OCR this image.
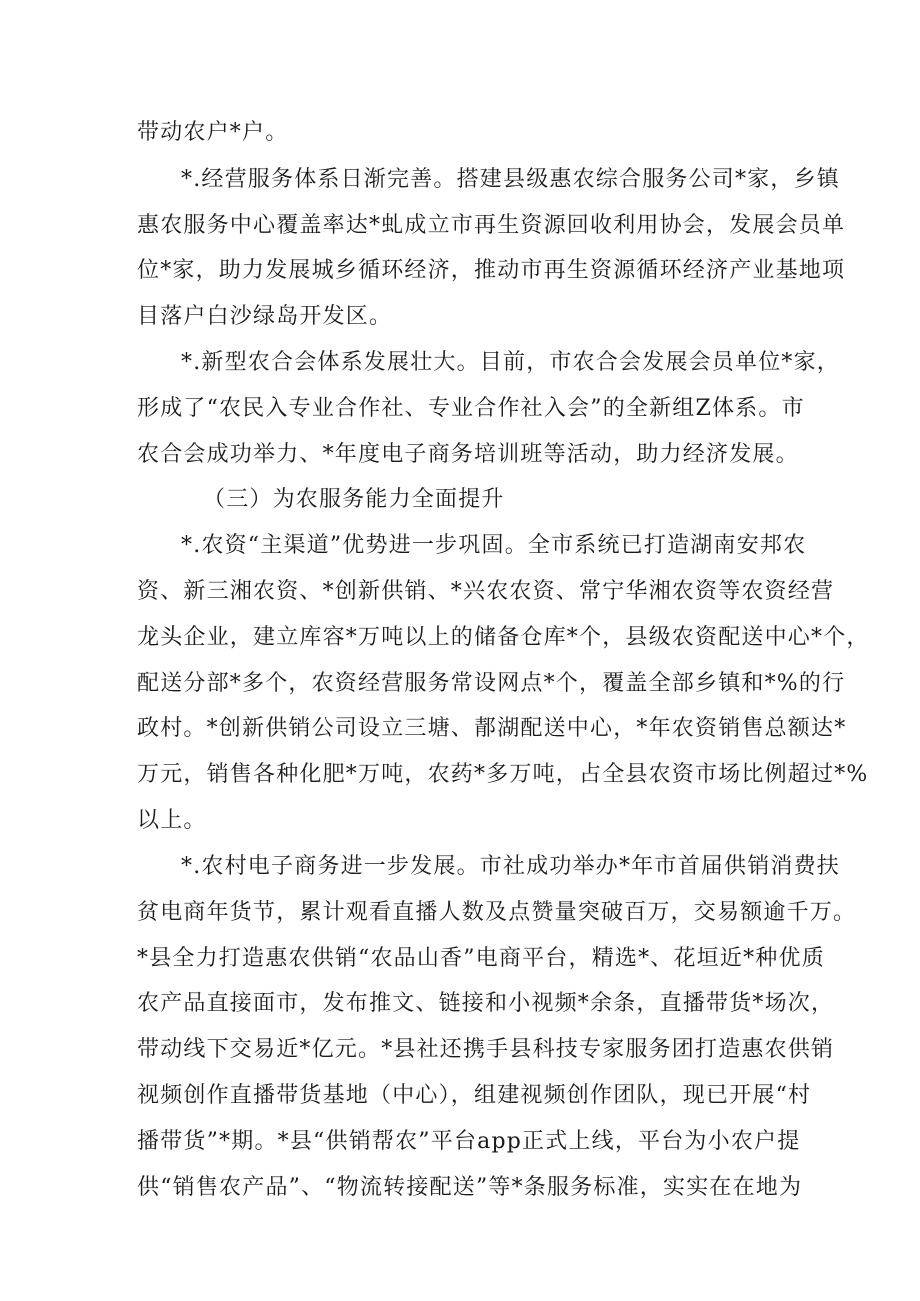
带动农户*户。

*.经营服务体系日渐完善。搭建县级惠农综合服务公司*家，乡镇

惠农服务中心覆盖率达*虬成立市再生资源回收利用协会，发展会员单

位*家，助力发展城乡循环经济，推动市再生资源循环经济产业基地项

目落户白沙绿岛开发区。

*.新型农合会体系发展壮大。目前，市农合会发展会员单位*家，

形成了“农民入专业合作社、专业合作社入会”的全新组Z体系。市

农合会成功举力、*年度电子商务培训班等活动，助力经济发展。

（三）为农服务能力全面提升

*.农资“主渠道”优势进一步巩固。全市系统已打造湖南安邦农

资、新三湘农资、*创新供销、*兴农农资、常宁华湘农资等农资经营

龙头企业，建立库容*万吨以上的储备仓库*个，县级农资配送中心*个，

配送分部*多个，农资经营服务常设网点*个，覆盖全部乡镇和*%的行

政村。*创新供销公司设立三塘、郬湖配送中心，*年农资销售总额达*

万元，销售各种化肥*万吨，农药*多万吨，占全县农资市场比例超过*%

以上。

*.农村电子商务进一步发展。市社成功举办*年市首届供销消费扶

贫电商年货节，累计观看直播人数及点赞量突破百万，交易额逾千万。

*县全力打造惠农供销“农品山香”电商平台，精选*、花垣近*种优质

农产品直接面市，发布推文、链接和小视频*余条，直播带货*场次，

带动线下交易近*亿元。*县社还携手县科技专家服务团打造惠农供销

视频创作直播带货基地（中心），组建视频创作团队，现已开展“村

播带货”*期。*县“供销帮农”平台app正式上线，平台为小农户提

供“销售农产品”、“物流转接配送”等*条服务标准，实实在在地为
